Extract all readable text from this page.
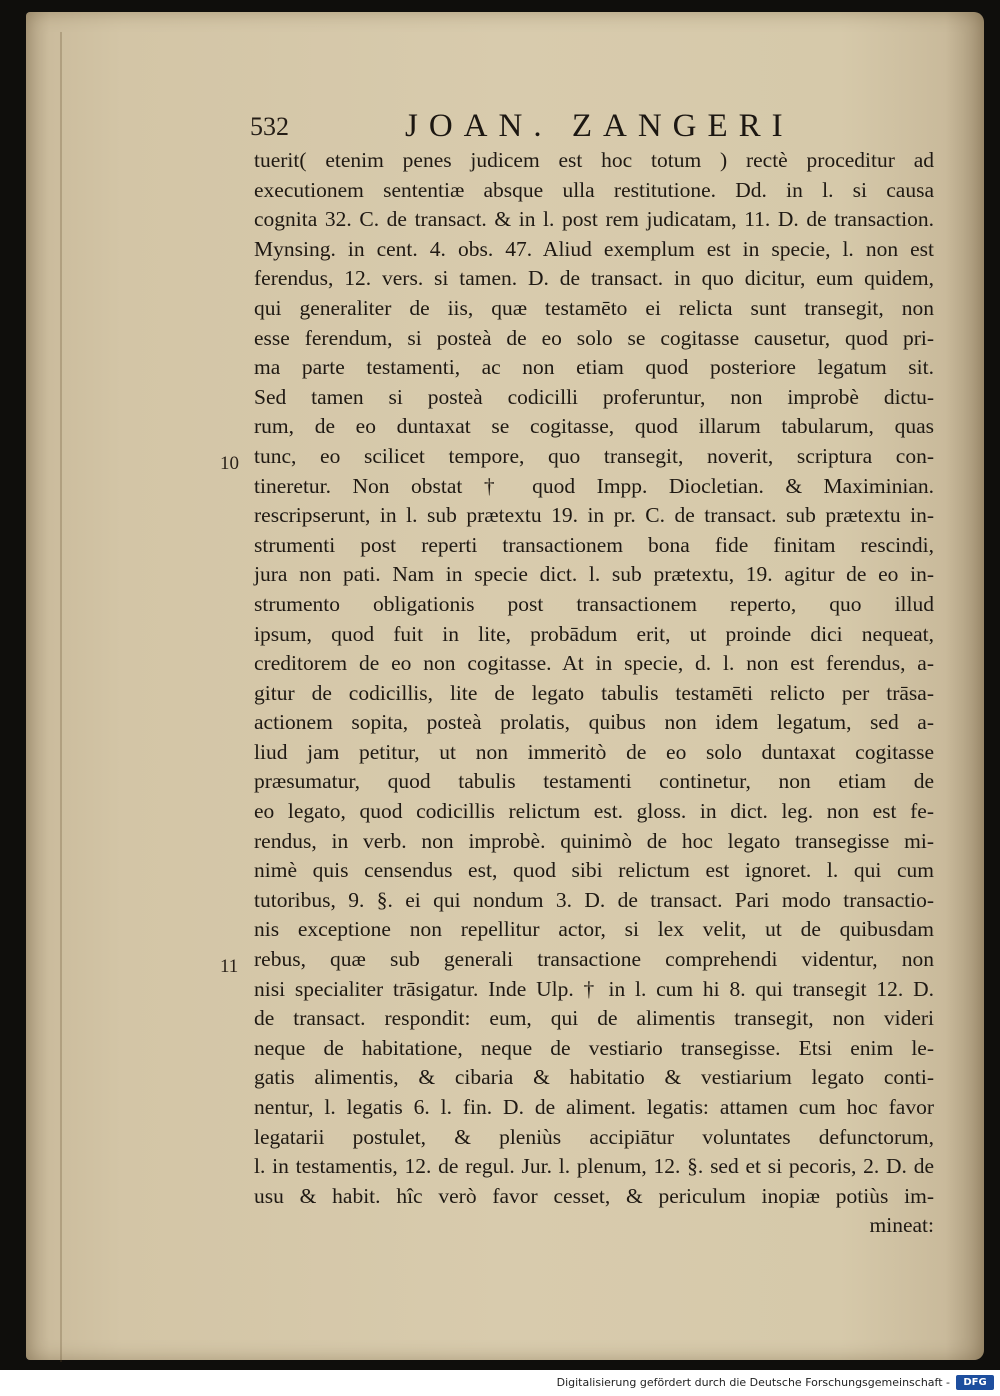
532	JOAN. ZANGERI
10
11
tuerit( etenim penes judicem est hoc totum ) rectè proceditur ad
executionem sententiæ absque ulla restitutione. Dd. in l. si causa
cognita 32. C. de transact. & in l. post rem judicatam, 11. D. de transaction.
Mynsing. in cent. 4. obs. 47. Aliud exemplum est in specie, l. non est
ferendus, 12. vers. si tamen. D. de transact. in quo dicitur, eum quidem,
qui generaliter de iis, quæ testamēto ei relicta sunt transegit, non
esse ferendum, si posteà de eo solo se cogitasse causetur, quod pri-
ma parte testamenti, ac non etiam quod posteriore legatum sit.
Sed tamen si posteà codicilli proferuntur, non improbè dictu-
rum, de eo duntaxat se cogitasse, quod illarum tabularum, quas
tunc, eo scilicet tempore, quo transegit, noverit, scriptura con-
tineretur. Non obstat † quod Impp. Diocletian. & Maximinian.
rescripserunt, in l. sub prætextu 19. in pr. C. de transact. sub prætextu in-
strumenti post reperti transactionem bona fide finitam rescindi,
jura non pati. Nam in specie dict. l. sub prætextu, 19. agitur de eo in-
strumento obligationis post transactionem reperto, quo illud
ipsum, quod fuit in lite, probādum erit, ut proinde dici nequeat,
creditorem de eo non cogitasse. At in specie, d. l. non est ferendus, a-
gitur de codicillis, lite de legato tabulis testamēti relicto per trāsa-
actionem sopita, posteà prolatis, quibus non idem legatum, sed a-
liud jam petitur, ut non immeritò de eo solo duntaxat cogitasse
præsumatur, quod tabulis testamenti continetur, non etiam de
eo legato, quod codicillis relictum est. gloss. in dict. leg. non est fe-
rendus, in verb. non improbè. quinimò de hoc legato transegisse mi-
nimè quis censendus est, quod sibi relictum est ignoret. l. qui cum
tutoribus, 9. §. ei qui nondum 3. D. de transact. Pari modo transactio-
nis exceptione non repellitur actor, si lex velit, ut de quibusdam
rebus, quæ sub generali transactione comprehendi videntur, non
nisi specialiter trāsigatur. Inde Ulp. † in l. cum hi 8. qui transegit 12. D.
de transact. respondit: eum, qui de alimentis transegit, non videri
neque de habitatione, neque de vestiario transegisse. Etsi enim le-
gatis alimentis, & cibaria & habitatio & vestiarium legato conti-
nentur, l. legatis 6. l. fin. D. de aliment. legatis: attamen cum hoc favor
legatarii postulet, & pleniùs accipiātur voluntates defunctorum,
l. in testamentis, 12. de regul. Jur. l. plenum, 12. §. sed et si pecoris, 2. D. de
usu & habit. hîc verò favor cesset, & periculum inopiæ potiùs im-
mineat:
Digitalisierung gefördert durch die Deutsche Forschungsgemeinschaft -	DFG
